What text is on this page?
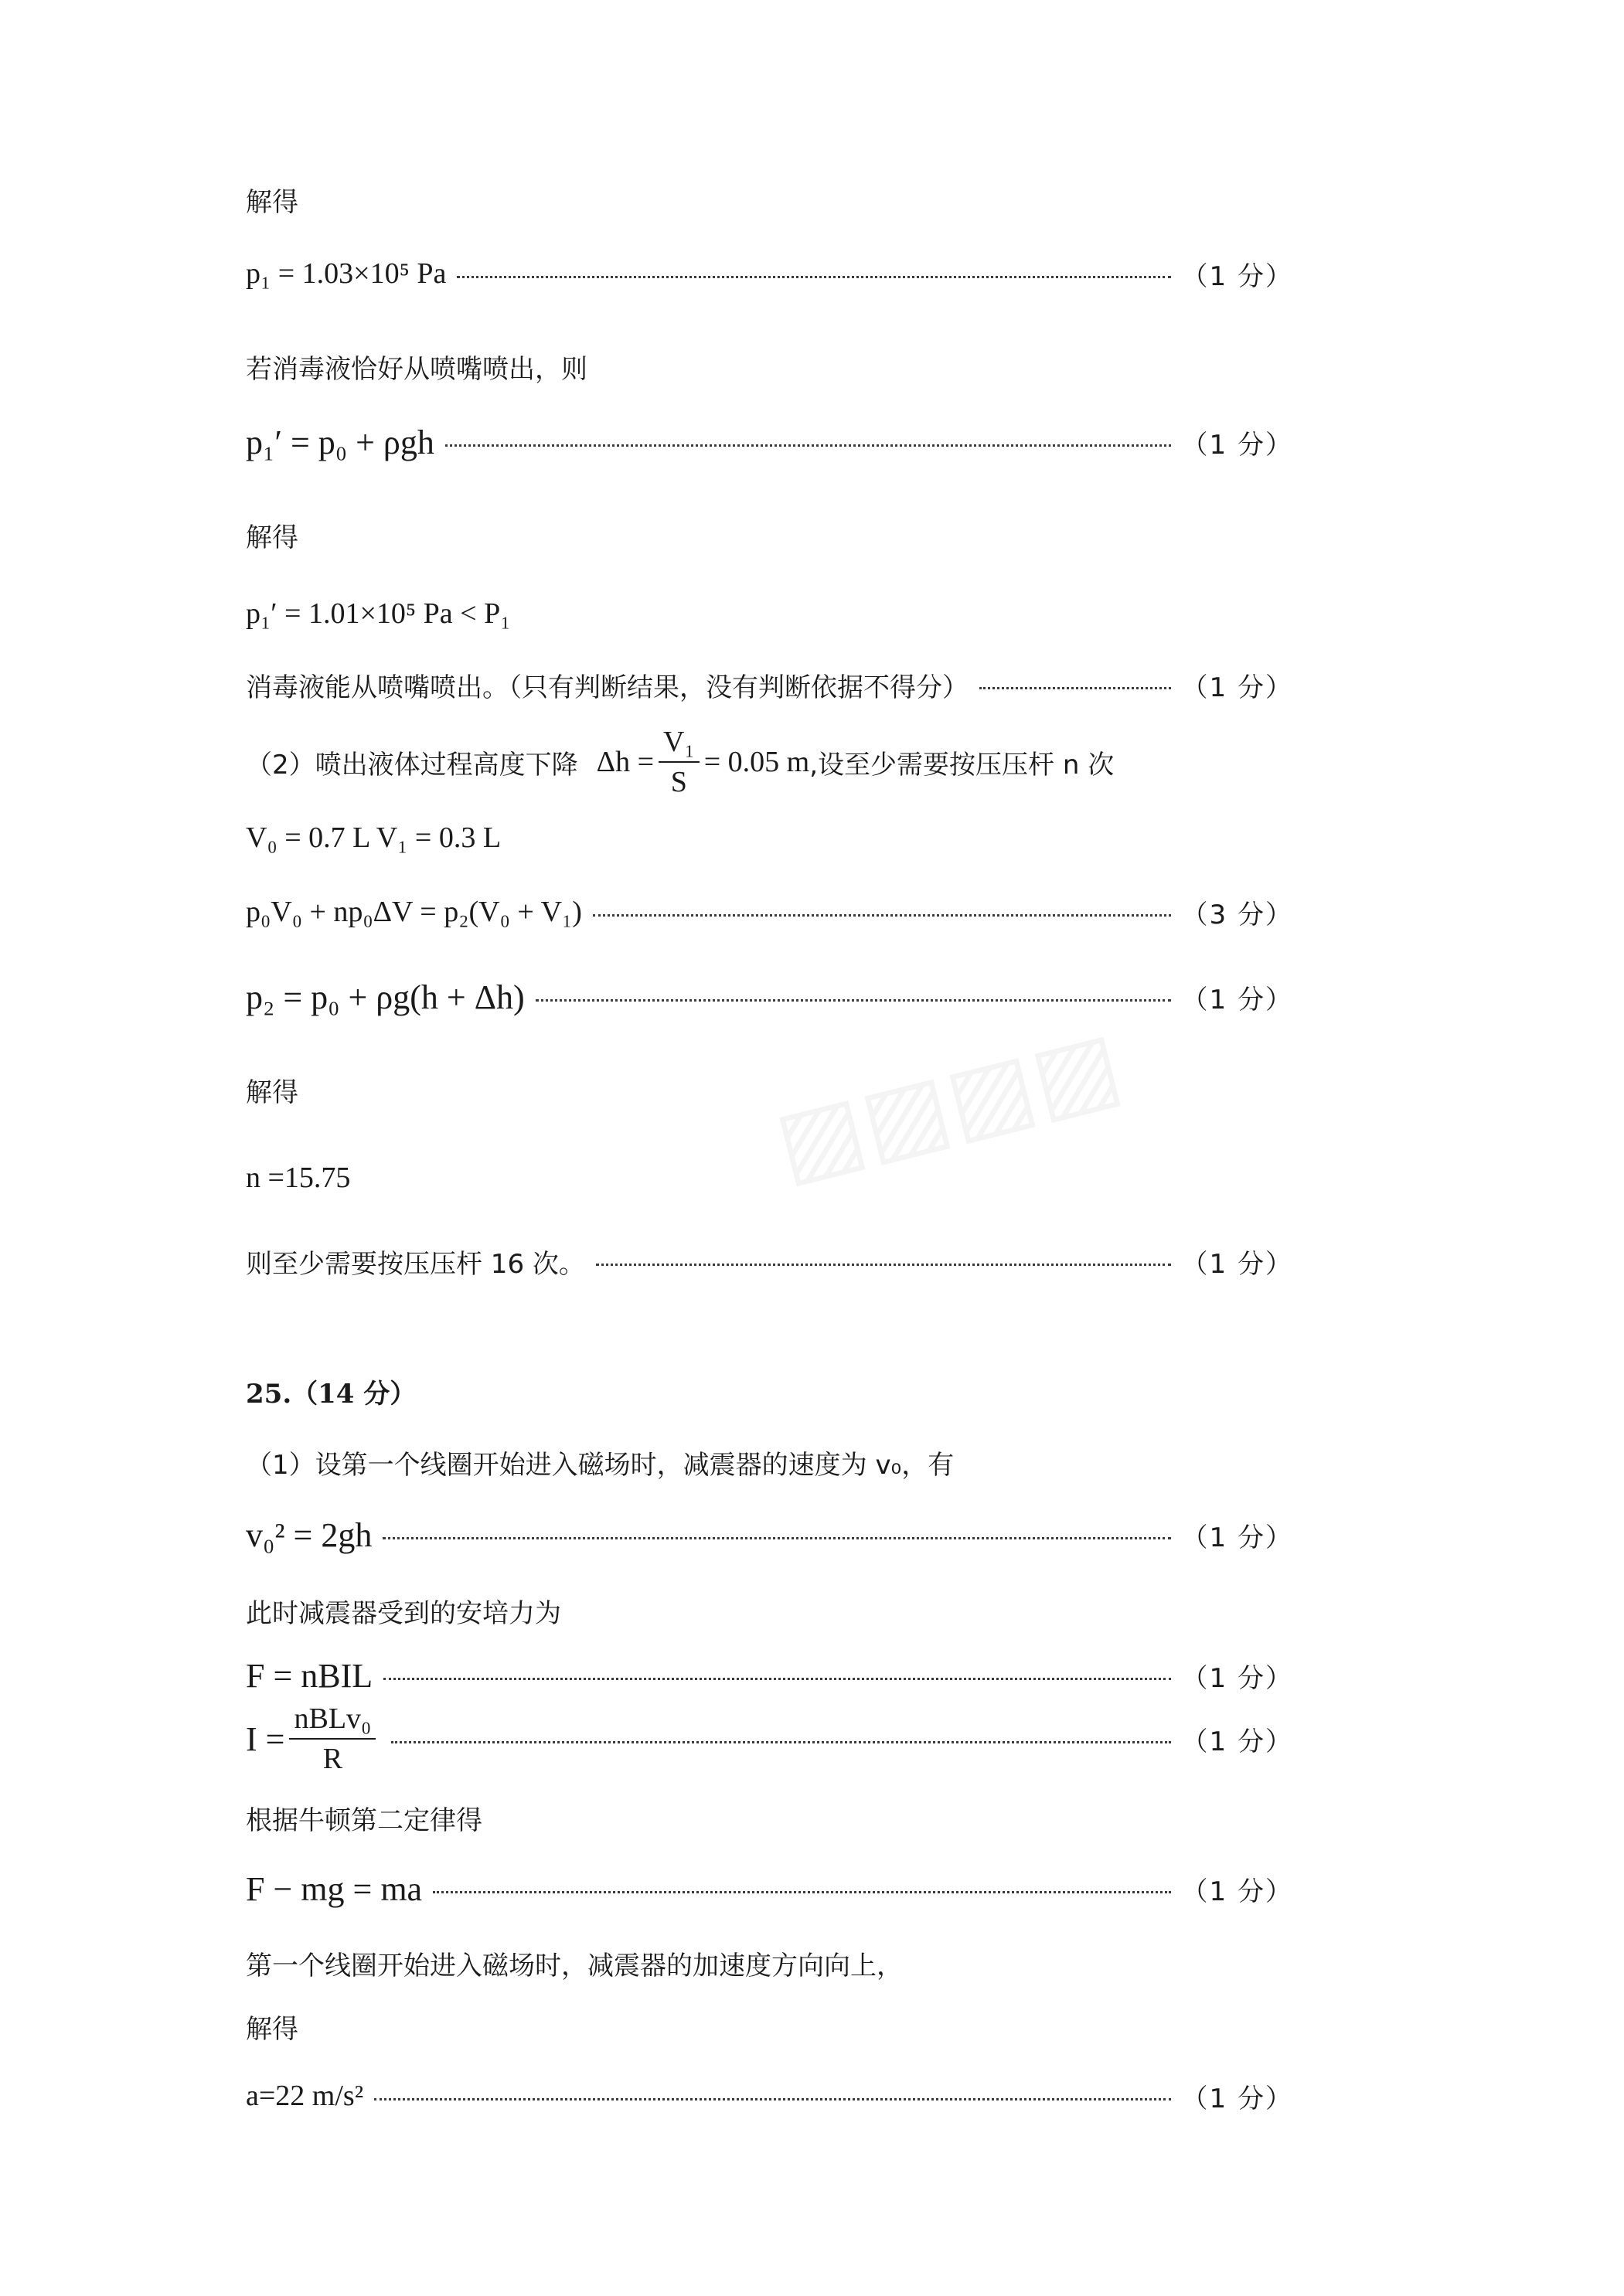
▨▨▨▨
解得
p₁ = 1.03×10⁵ Pa	（1 分）
若消毒液恰好从喷嘴喷出，则
p₁′ = p₀ + ρgh	（1 分）
解得
p₁′ = 1.01×10⁵ Pa < P₁
消毒液能从喷嘴喷出。（只有判断结果，没有判断依据不得分）	（1 分）
（2）喷出液体过程高度下降 $\Delta h = \frac{\text{V₁}}{S} = 0.05$ m ,设至少需要按压压杆 n 次
V₀ = 0.7 L V₁ = 0.3 L
p₀V₀ + np₀ΔV = p₂(V₀ + V₁)	（3 分）
p₂ = p₀ + ρg(h + Δh)	（1 分）
解得
n =15.75
则至少需要按压压杆 16 次。	（1 分）
25.（14 分）
（1）设第一个线圈开始进入磁场时，减震器的速度为 v₀，有
v₀² = 2gh	（1 分）
此时减震器受到的安培力为
F = nBIL	（1 分）
$I = \frac{\text{nBLv₀}}{R}$	（1 分）
根据牛顿第二定律得
F − mg = ma	（1 分）
第一个线圈开始进入磁场时，减震器的加速度方向向上，
解得
a=22 m/s²	（1 分）
